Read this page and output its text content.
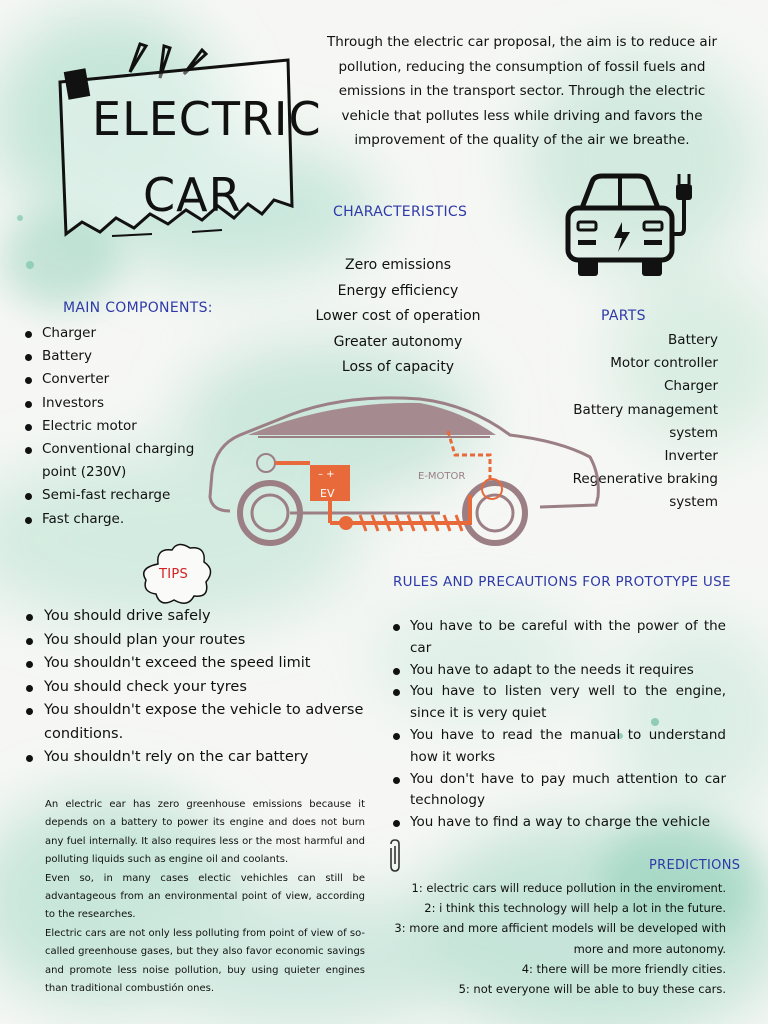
ELECTRIC
CAR
Through the electric car proposal, the aim is to reduce air pollution, reducing the consumption of fossil fuels and emissions in the transport sector. Through the electric vehicle that pollutes less while driving and favors the improvement of the quality of the air we breathe.
CHARACTERISTICS
Zero emissions
Energy efficiency
Lower cost of operation
Greater autonomy
Loss of capacity
MAIN COMPONENTS:
Charger
Battery
Converter
Investors
Electric motor
Conventional charging point (230V)
Semi-fast recharge
Fast charge.
PARTS
Battery
Motor controller
Charger
Battery management system
Inverter
Regenerative braking system
– +
EV
E-MOTOR
TIPS
You should drive safely
You should plan your routes
You shouldn't exceed the speed limit
You should check your tyres
You shouldn't expose the vehicle to adverse conditions.
You shouldn't rely on the car battery
RULES AND PRECAUTIONS FOR PROTOTYPE USE
You have to be careful with the power of the car
You have to adapt to the needs it requires
You have to listen very well to the engine, since it is very quiet
You have to read the manual to understand how it works
You don't have to pay much attention to car technology
You have to find a way to charge the vehicle

An electric ear has zero greenhouse emissions because it depends on a battery to power its engine and does not burn any fuel internally. It also requires less or the most harmful and polluting liquids such as engine oil and coolants.

Even so, in many cases electic vehichles can still be advantageous from an environmental point of view, according to the researches.

Electric cars are not only less polluting from point of view of so-called greenhouse gases, but they also favor economic savings and promote less noise pollution, buy using quieter engines than traditional combustión ones.

PREDICTIONS
1: electric cars will reduce pollution in the enviroment.
2: i think this technology will help a lot in the future.
3: more and more afficient models will be developed with more and more autonomy.
4: there will be more friendly cities.
5: not everyone will be able to buy these cars.
